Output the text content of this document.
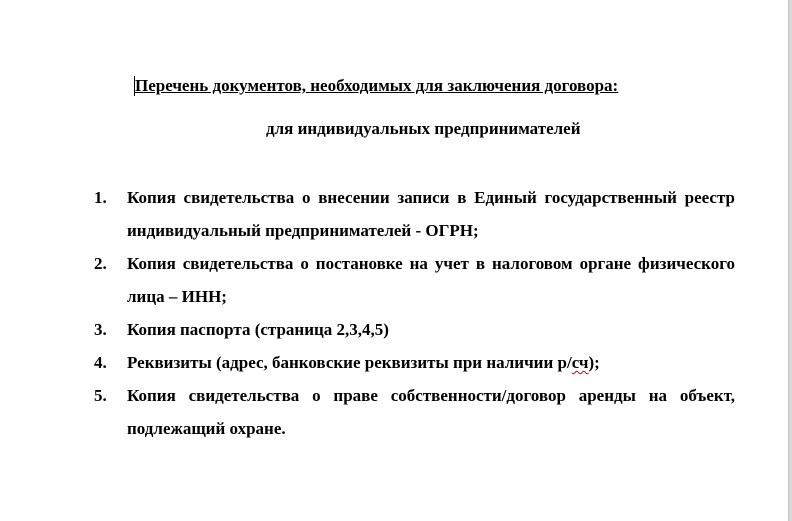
Перечень документов, необходимых для заключения договора:
для индивидуальных предпринимателей
1. Копия свидетельства о внесении записи в Единый государственный реестр индивидуальный предпринимателей - ОГРН;
2. Копия свидетельства о постановке на учет в налоговом органе физического лица – ИНН;
3. Копия паспорта (страница 2,3,4,5)
4. Реквизиты (адрес, банковские реквизиты при наличии р/сч);
5. Копия свидетельства о праве собственности/договор аренды на объект, подлежащий охране.
